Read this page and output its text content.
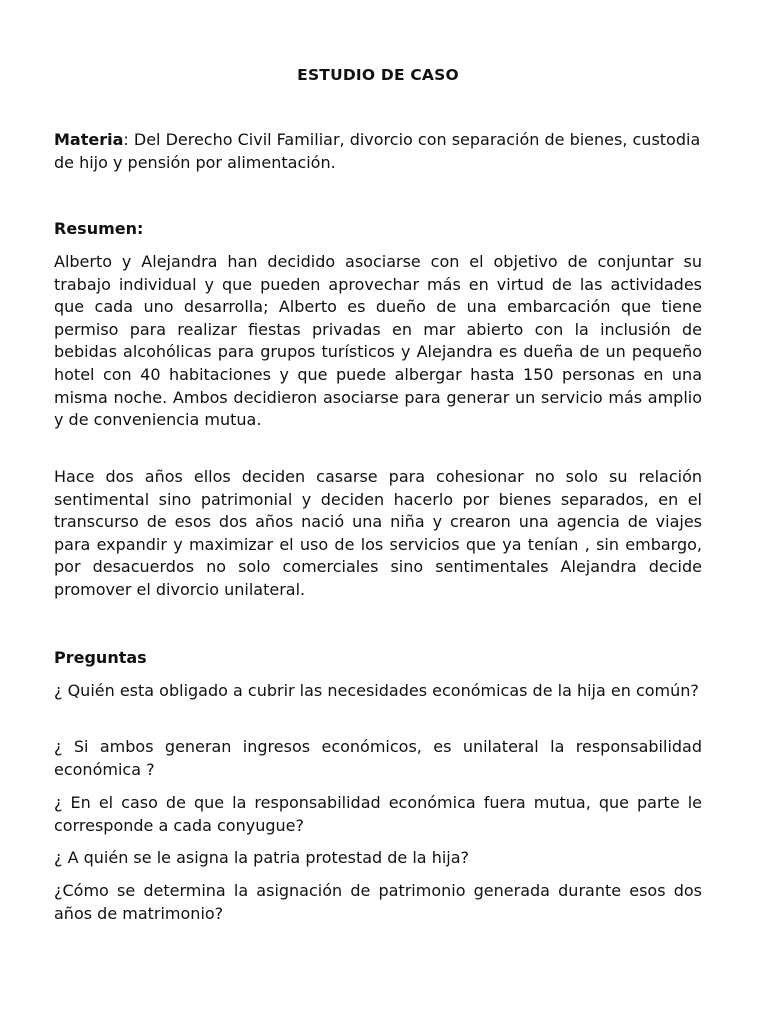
ESTUDIO DE CASO

Materia: Del Derecho Civil Familiar, divorcio con separación de bienes, custodia de hijo y pensión por alimentación.

Resumen:

Alberto y Alejandra han decidido asociarse con el objetivo de conjuntar su trabajo individual y que pueden aprovechar más en virtud de las actividades que cada uno desarrolla; Alberto es dueño de una embarcación que tiene permiso para realizar fiestas privadas en mar abierto con la inclusión de bebidas alcohólicas para grupos turísticos y Alejandra es dueña de un pequeño hotel con 40 habitaciones y que puede albergar hasta 150 personas en una misma noche. Ambos decidieron asociarse para generar un servicio más amplio y de conveniencia mutua.

Hace dos años ellos deciden casarse para cohesionar no solo su relación sentimental sino patrimonial y deciden hacerlo por bienes separados, en el transcurso de esos dos años nació una niña y crearon una agencia de viajes para expandir y maximizar el uso de los servicios que ya tenían , sin embargo, por desacuerdos no solo comerciales sino sentimentales Alejandra decide promover el divorcio unilateral.

Preguntas

¿ Quién esta obligado a cubrir las necesidades económicas de la hija en común?

¿ Si ambos generan ingresos económicos, es unilateral la responsabilidad económica ?

¿ En el caso de que la responsabilidad económica fuera mutua, que parte le corresponde a cada conyugue?

¿ A quién se le asigna la patria protestad de la hija?

¿Cómo se determina la asignación de patrimonio generada durante esos dos años de matrimonio?
